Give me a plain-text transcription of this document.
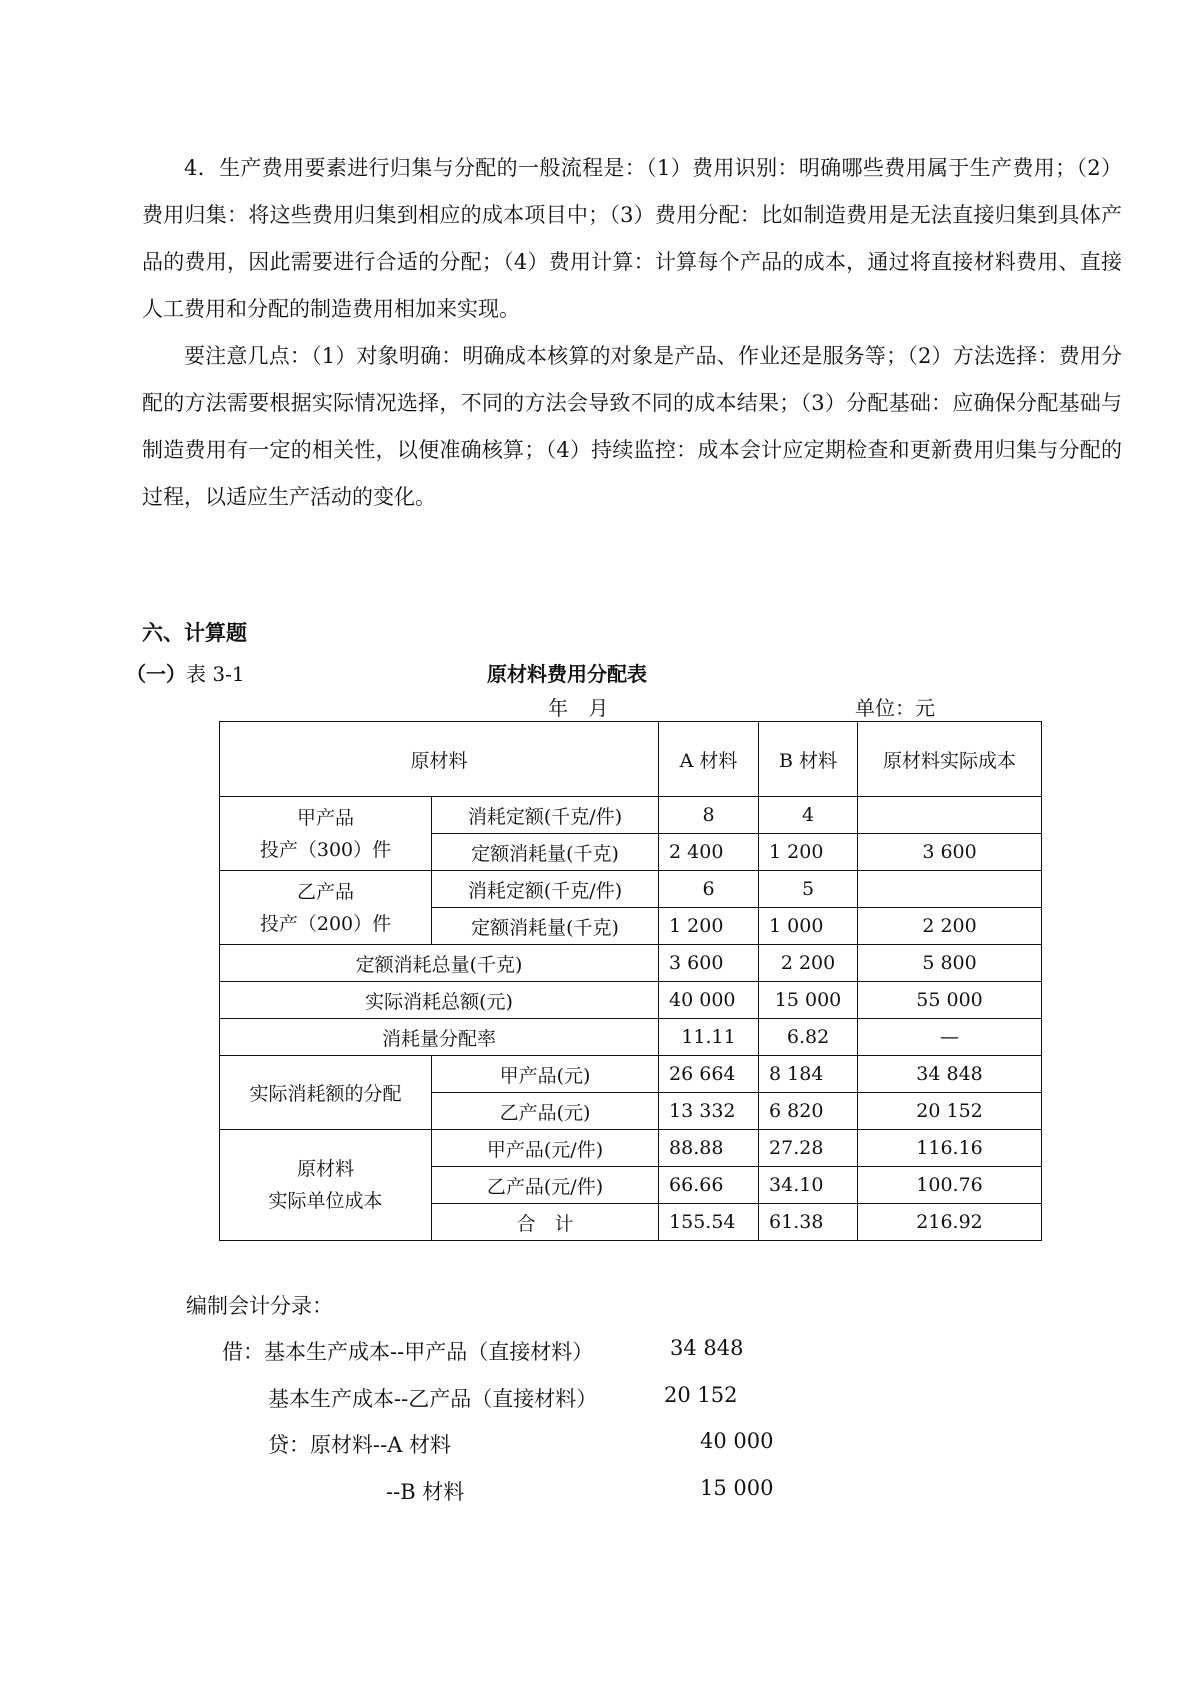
4．生产费用要素进行归集与分配的一般流程是：（1）费用识别：明确哪些费用属于生产费用；（2）费用归集：将这些费用归集到相应的成本项目中；（3）费用分配：比如制造费用是无法直接归集到具体产品的费用，因此需要进行合适的分配；（4）费用计算：计算每个产品的成本，通过将直接材料费用、直接人工费用和分配的制造费用相加来实现。

要注意几点：（1）对象明确：明确成本核算的对象是产品、作业还是服务等；（2）方法选择：费用分配的方法需要根据实际情况选择，不同的方法会导致不同的成本结果；（3）分配基础：应确保分配基础与制造费用有一定的相关性，以便准确核算；（4）持续监控：成本会计应定期检查和更新费用归集与分配的过程，以适应生产活动的变化。

六、计算题
（一）表 3-1	原材料费用分配表
年 月	单位：元
原材料		A 材料	B 材料	原材料实际成本

甲产品
投产（300）件	消耗定额(千克/件)	8	4	
	定额消耗量(千克)	2 400	1 200	3 600

乙产品
投产（200）件	消耗定额(千克/件)	6	5	
	定额消耗量(千克)	1 200	1 000	2 200
定额消耗总量(千克)		3 600	2 200	5 800
实际消耗总额(元)		40 000	15 000	55 000
消耗量分配率		11.11	6.82	—
实际消耗额的分配	甲产品(元)	26 664	8 184	34 848
	乙产品(元)	13 332	6 820	20 152

原材料
实际单位成本	甲产品(元/件)	88.88	27.28	116.16
	乙产品(元/件)	66.66	34.10	100.76
	合　计	155.54	61.38	216.92
编制会计分录：
借：基本生产成本--甲产品（直接材料）	34 848
基本生产成本--乙产品（直接材料）	20 152
贷：原材料--A 材料	40 000
--B 材料	15 000
